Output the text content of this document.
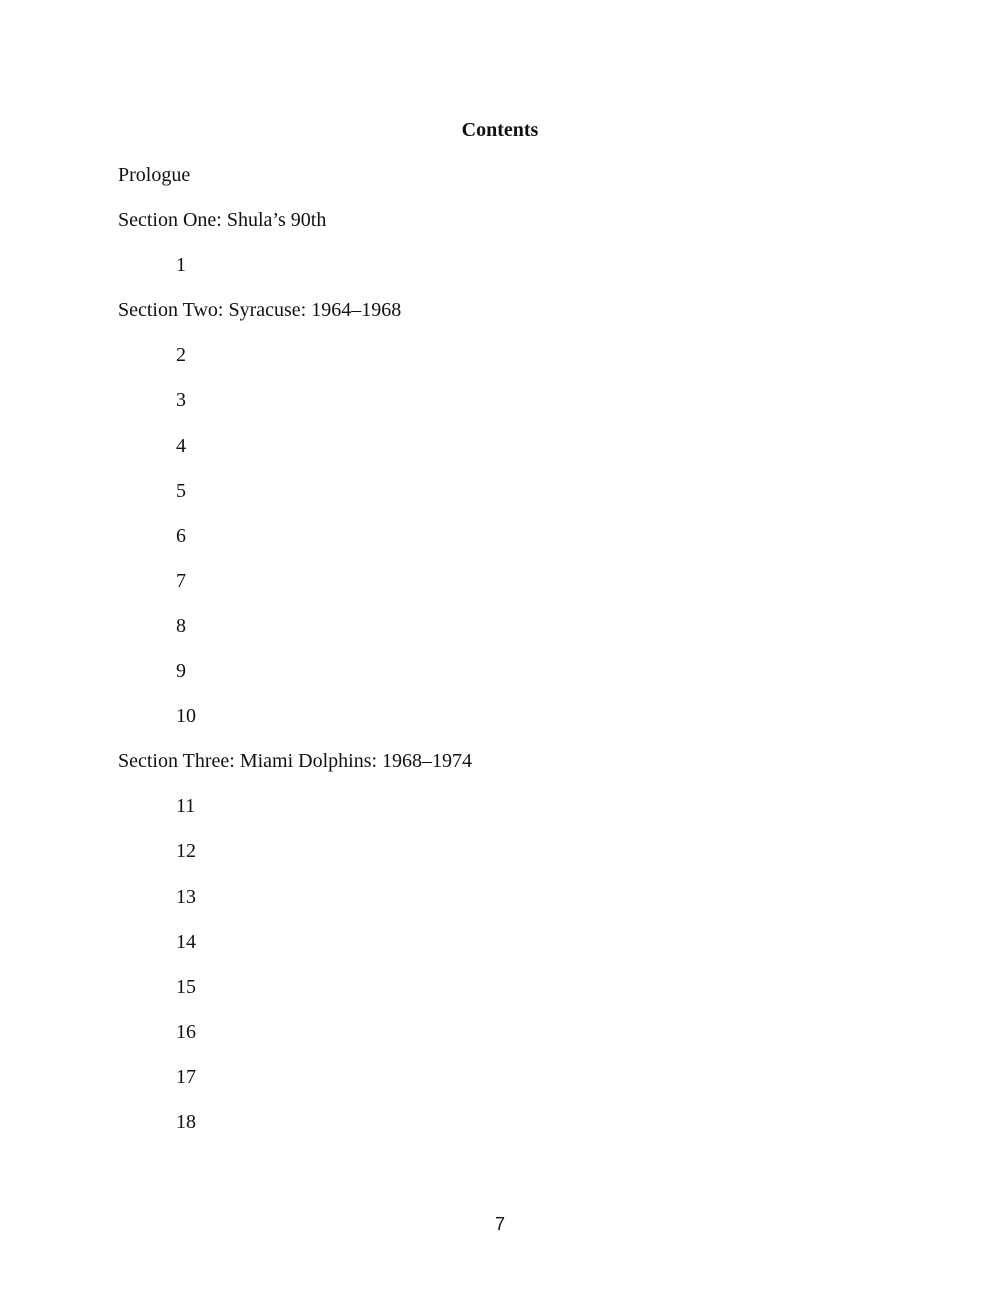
Contents
Prologue
Section One: Shula’s 90th
1
Section Two: Syracuse: 1964–1968
2
3
4
5
6
7
8
9
10
Section Three: Miami Dolphins: 1968–1974
11
12
13
14
15
16
17
18
7
